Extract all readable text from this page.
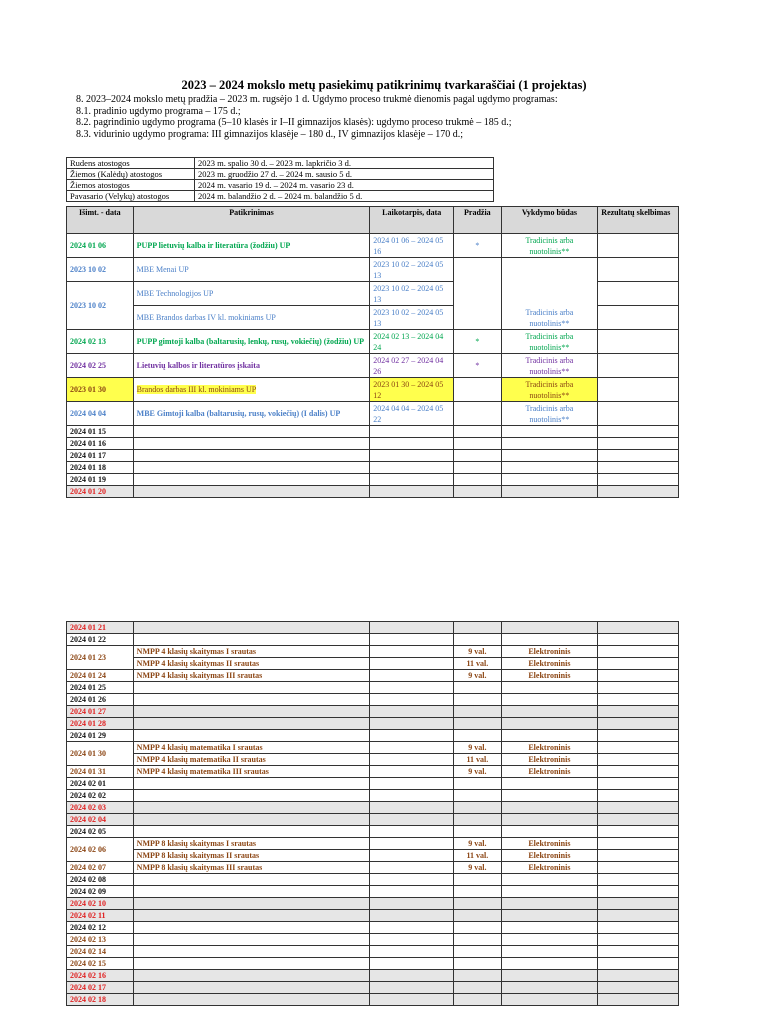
2023 – 2024 mokslo metų pasiekimų patikrinimų tvarkaraščiai (1 projektas)
8. 2023–2024 mokslo metų pradžia – 2023 m. rugsėjo 1 d. Ugdymo proceso trukmė dienomis pagal ugdymo programas:
8.1. pradinio ugdymo programa – 175 d.;
8.2. pagrindinio ugdymo programa (5–10 klasės ir I–II gimnazijos klasės): ugdymo proceso trukmė – 185 d.;
8.3. vidurinio ugdymo programa: III gimnazijos klasėje – 180 d., IV gimnazijos klasėje – 170 d.;
Rudens atostogos	2023 m. spalio 30 d. – 2023 m. lapkričio 3 d.
Žiemos (Kalėdų) atostogos	2023 m. gruodžio 27 d. – 2024 m. sausio 5 d.
Žiemos atostogos	2024 m. vasario 19 d. – 2024 m. vasario 23 d.
Pavasario (Velykų) atostogos	2024 m. balandžio 2 d. – 2024 m. balandžio 5 d.
Išimt. - data	Patikrinimas	Laikotarpis, data	Pradžia	Vykdymo būdas	Rezultatų skelbimas
2024 01 06	PUPP lietuvių kalba ir literatūra (žodžiu) UP	2024 01 06 – 2024 05 16	*	Tradicinis arba nuotolinis**	
2023 10 02	MBE Menai UP	2023 10 02 – 2024 05 13		Tradicinis arba nuotolinis**	
2023 10 02	MBE Technologijos UP	2023 10 02 – 2024 05 13			
	MBE Brandos darbas IV kl. mokiniams UP	2023 10 02 – 2024 05 13			
2024 02 13	PUPP gimtoji kalba (baltarusių, lenkų, rusų, vokiečių) (žodžiu) UP	2024 02 13 – 2024 04 24	*	Tradicinis arba nuotolinis**	
2024 02 25	Lietuvių kalbos ir literatūros įskaita	2024 02 27 – 2024 04 26	*	Tradicinis arba nuotolinis**	
2023 01 30	Brandos darbas III kl. mokiniams UP	2023 01 30 – 2024 05 12		Tradicinis arba nuotolinis**	
2024 04 04	MBE Gimtoji kalba (baltarusių, rusų, vokiečių) (I dalis) UP	2024 04 04 – 2024 05 22		Tradicinis arba nuotolinis**	
2024 01 15					
2024 01 16					
2024 01 17					
2024 01 18					
2024 01 19					
2024 01 20					
2024 01 21					
2024 01 22					
2024 01 23	NMPP 4 klasių skaitymas I srautas		9 val.	Elektroninis	
	NMPP 4 klasių skaitymas II srautas		11 val.	Elektroninis	
2024 01 24	NMPP 4 klasių skaitymas III srautas		9 val.	Elektroninis	
2024 01 25					
2024 01 26					
2024 01 27					
2024 01 28					
2024 01 29					
2024 01 30	NMPP 4 klasių matematika I srautas		9 val.	Elektroninis	
	NMPP 4 klasių matematika II srautas		11 val.	Elektroninis	
2024 01 31	NMPP 4 klasių matematika III srautas		9 val.	Elektroninis	
2024 02 01					
2024 02 02					
2024 02 03					
2024 02 04					
2024 02 05					
2024 02 06	NMPP 8 klasių skaitymas I srautas		9 val.	Elektroninis	
	NMPP 8 klasių skaitymas II srautas		11 val.	Elektroninis	
2024 02 07	NMPP 8 klasių skaitymas III srautas		9 val.	Elektroninis	
2024 02 08					
2024 02 09					
2024 02 10					
2024 02 11					
2024 02 12					
2024 02 13					
2024 02 14					
2024 02 15					
2024 02 16					
2024 02 17					
2024 02 18					
